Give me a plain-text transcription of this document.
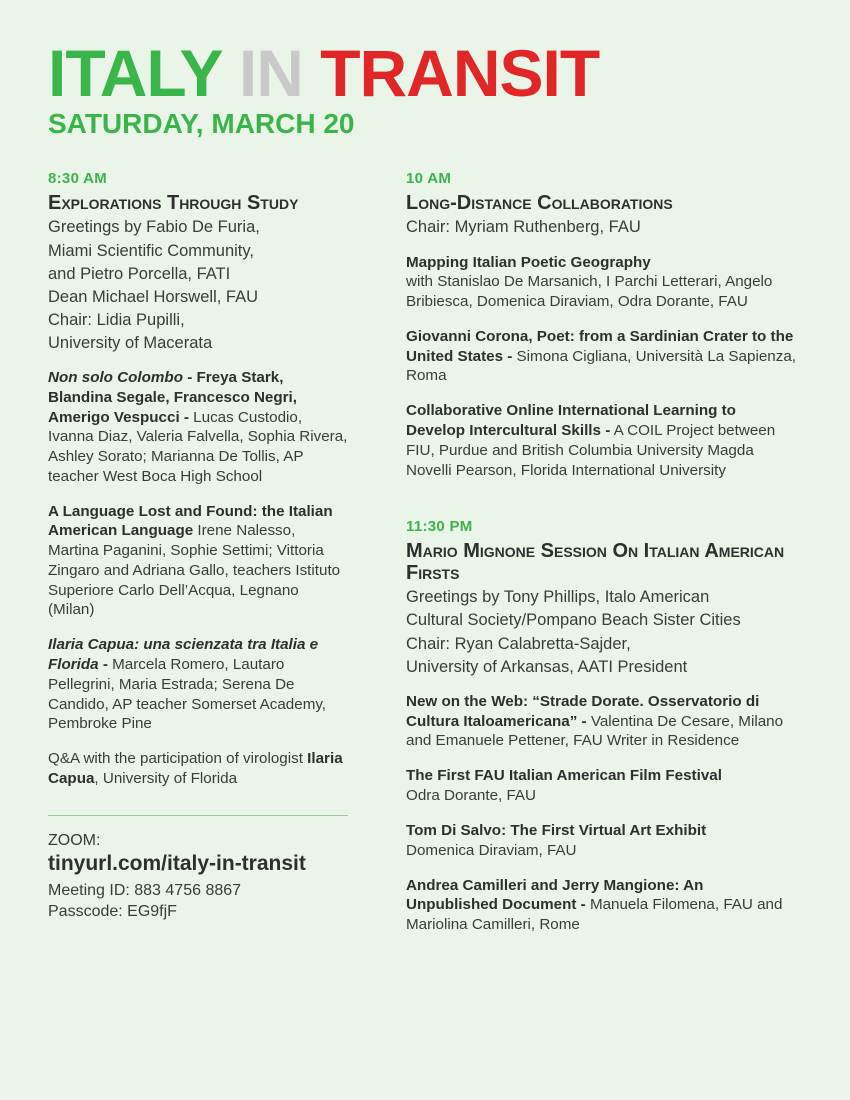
ITALY IN TRANSIT
SATURDAY, MARCH 20
8:30 AM
Explorations Through Study
Greetings by Fabio De Furia,
Miami Scientific Community,
and Pietro Porcella, FATI
Dean Michael Horswell, FAU
Chair: Lidia Pupilli,
University of Macerata

Non solo Colombo - Freya Stark, Blandina Segale, Francesco Negri, Amerigo Vespucci - Lucas Custodio, Ivanna Diaz, Valeria Falvella, Sophia Rivera, Ashley Sorato; Marianna De Tollis, AP teacher West Boca High School

A Language Lost and Found: the Italian American Language Irene Nalesso, Martina Paganini, Sophie Settimi; Vittoria Zingaro and Adriana Gallo, teachers Istituto Superiore Carlo Dell’Acqua, Legnano (Milan)

Ilaria Capua: una scienzata tra Italia e Florida - Marcela Romero, Lautaro Pellegrini, Maria Estrada; Serena De Candido, AP teacher Somerset Academy, Pembroke Pine

Q&A with the participation of virologist Ilaria Capua, University of Florida

ZOOM:
tinyurl.com/italy-in-transit
Meeting ID: 883 4756 8867
Passcode: EG9fjF
10 AM
Long-Distance Collaborations
Chair: Myriam Ruthenberg, FAU

Mapping Italian Poetic Geography
with Stanislao De Marsanich, I Parchi Letterari, Angelo Bribiesca, Domenica Diraviam, Odra Dorante, FAU

Giovanni Corona, Poet: from a Sardinian Crater to the United States - Simona Cigliana, Università La Sapienza, Roma

Collaborative Online International Learning to Develop Intercultural Skills - A COIL Project between FIU, Purdue and British Columbia University Magda Novelli Pearson, Florida International University

11:30 PM
Mario Mignone Session On Italian American Firsts
Greetings by Tony Phillips, Italo American
Cultural Society/Pompano Beach Sister Cities
Chair: Ryan Calabretta-Sajder,
University of Arkansas, AATI President

New on the Web: “Strade Dorate. Osservatorio di Cultura Italoamericana” - Valentina De Cesare, Milano and Emanuele Pettener, FAU Writer in Residence

The First FAU Italian American Film Festival
Odra Dorante, FAU

Tom Di Salvo: The First Virtual Art Exhibit
Domenica Diraviam, FAU

Andrea Camilleri and Jerry Mangione: An Unpublished Document - Manuela Filomena, FAU and Mariolina Camilleri, Rome
